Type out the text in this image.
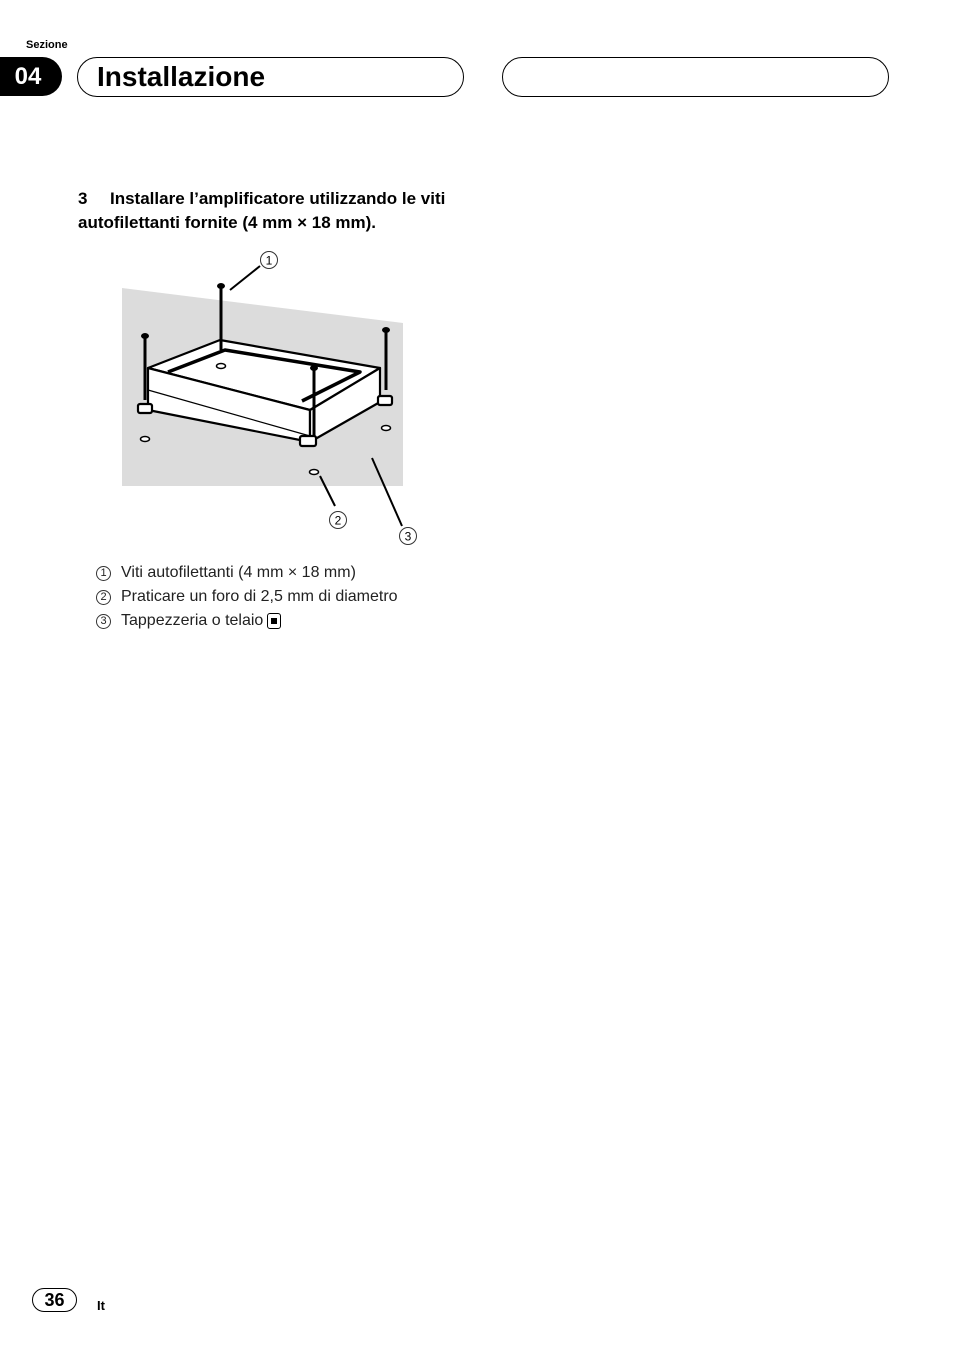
Sezione
04	Installazione
3 Installare l’amplificatore utilizzando le viti autofilettanti fornite (4 mm × 18 mm).
1
2
3
1 Viti autofilettanti (4 mm × 18 mm)
2 Praticare un foro di 2,5 mm di diametro
3 Tappezzeria o telaio
36	It
